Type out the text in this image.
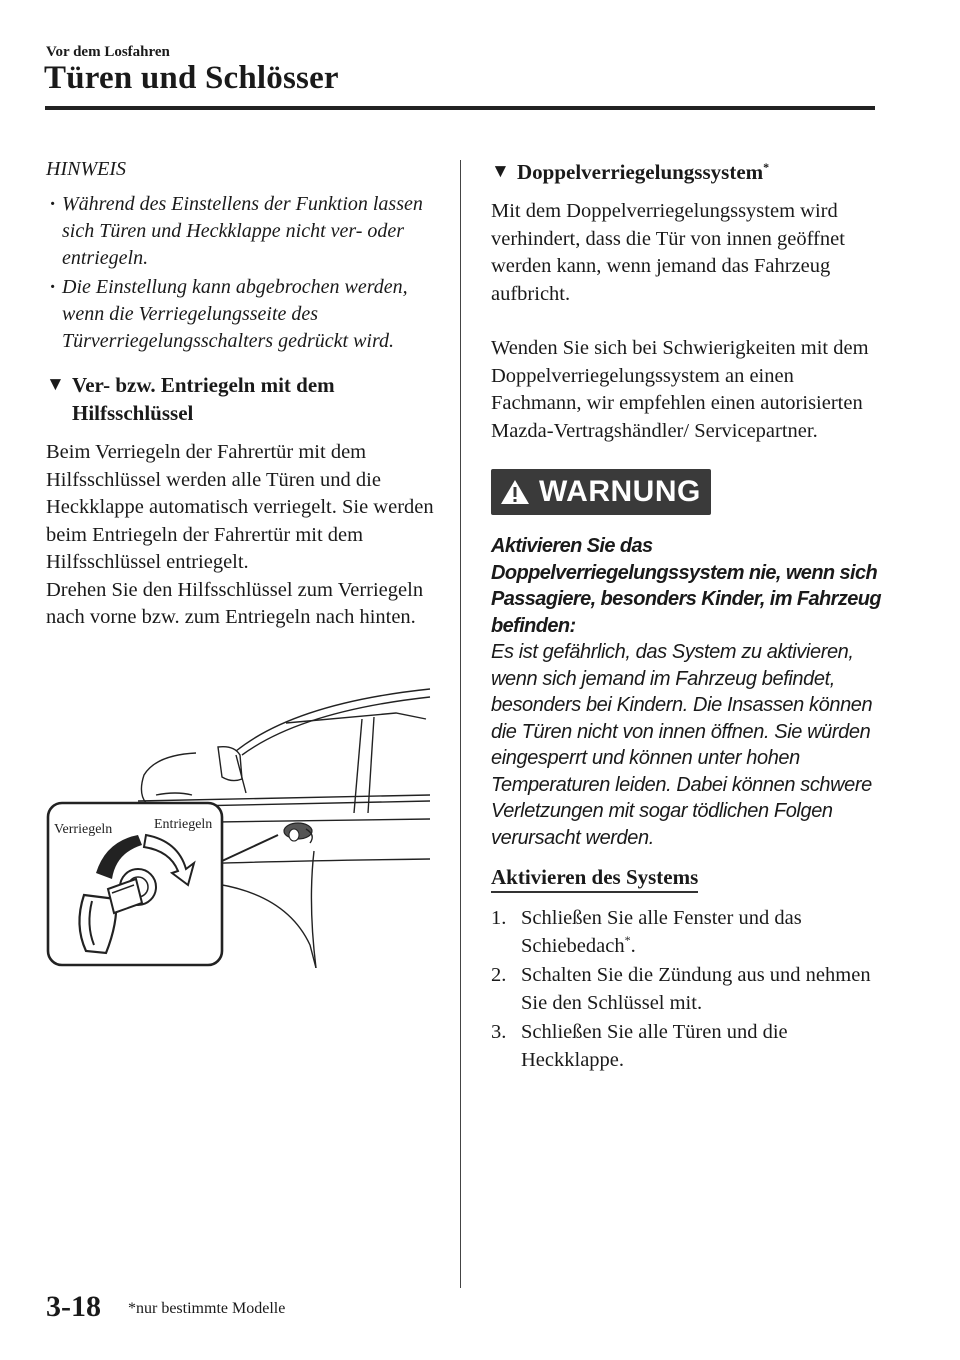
Vor dem Losfahren
Türen und Schlösser
HINWEIS
· Während des Einstellens der Funktion lassen sich Türen und Heckklappe nicht ver- oder entriegeln.
· Die Einstellung kann abgebrochen werden, wenn die Verriegelungsseite des Türverriegelungsschalters gedrückt wird.
▼ Ver- bzw. Entriegeln mit dem
Hilfsschlüssel

Beim Verriegeln der Fahrertür mit dem Hilfsschlüssel werden alle Türen und die Heckklappe automatisch verriegelt. Sie werden beim Entriegeln der Fahrertür mit dem Hilfsschlüssel entriegelt.

Drehen Sie den Hilfsschlüssel zum Verriegeln nach vorne bzw. zum Entriegeln nach hinten.

Verriegeln	Entriegeln
▼ Doppelverriegelungssystem*

Mit dem Doppelverriegelungssystem wird verhindert, dass die Tür von innen geöffnet werden kann, wenn jemand das Fahrzeug aufbricht.

Wenden Sie sich bei Schwierigkeiten mit dem Doppelverriegelungssystem an einen Fachmann, wir empfehlen einen autorisierten Mazda-Vertragshändler/ Servicepartner.

WARNUNG

Aktivieren Sie das Doppelverriegelungssystem nie, wenn sich Passagiere, besonders Kinder, im Fahrzeug befinden:
Es ist gefährlich, das System zu aktivieren, wenn sich jemand im Fahrzeug befindet, besonders bei Kindern. Die Insassen können die Türen nicht von innen öffnen. Sie würden eingesperrt und können unter hohen Temperaturen leiden. Dabei können schwere Verletzungen mit sogar tödlichen Folgen verursacht werden.

Aktivieren des Systems
1. Schließen Sie alle Fenster und das Schiebedach*.
2. Schalten Sie die Zündung aus und nehmen Sie den Schlüssel mit.
3. Schließen Sie alle Türen und die Heckklappe.
3-18 *nur bestimmte Modelle
